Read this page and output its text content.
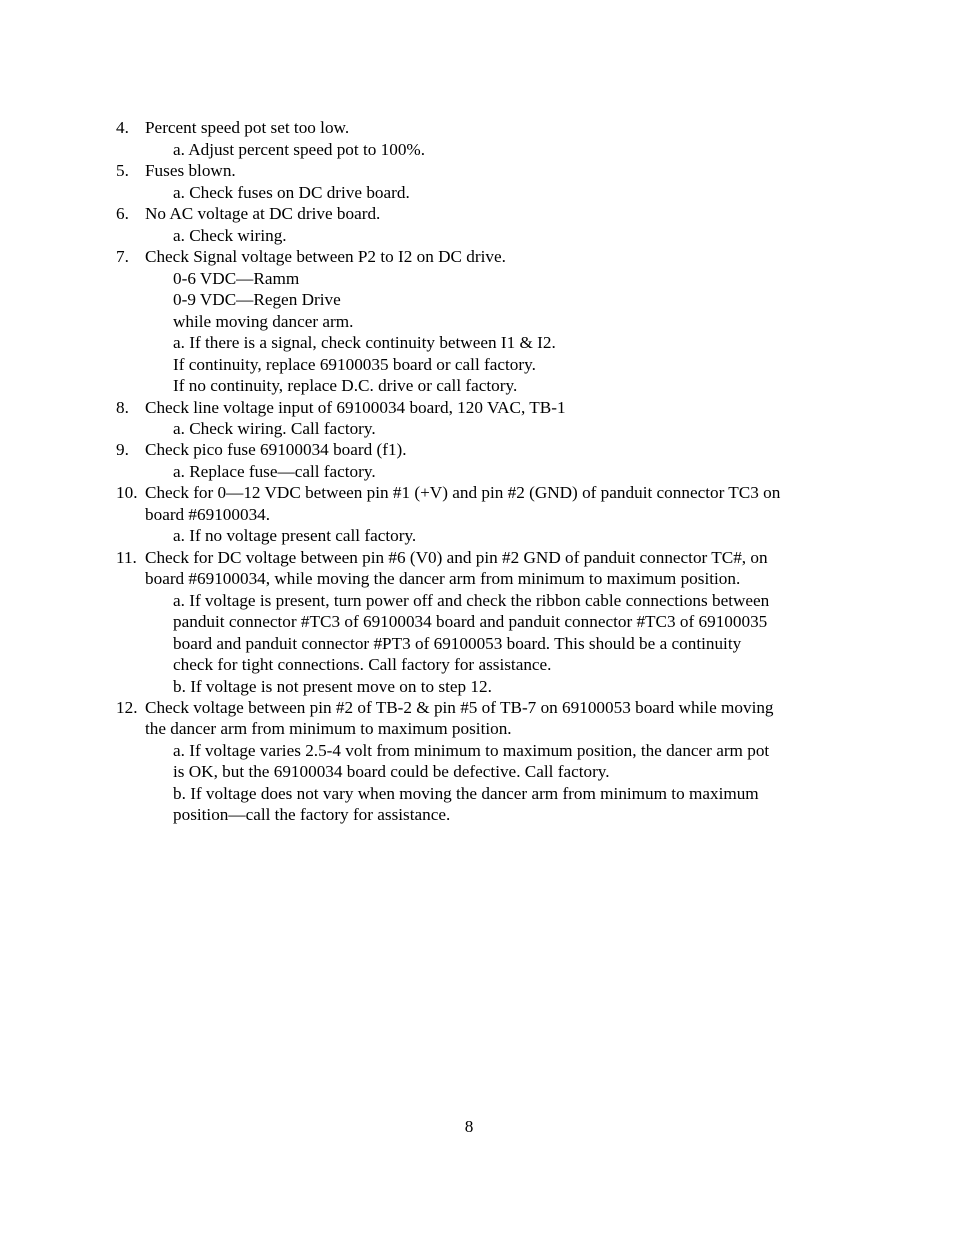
4. Percent speed pot set too low.
a. Adjust percent speed pot to 100%.
5. Fuses blown.
a. Check fuses on DC drive board.
6. No AC voltage at DC drive board.
a. Check wiring.
7. Check Signal voltage between P2 to I2 on DC drive.
0-6 VDC—Ramm
0-9 VDC—Regen Drive
while moving dancer arm.
a. If there is a signal, check continuity between I1 & I2.
If continuity, replace 69100035 board or call factory.
If no continuity, replace D.C. drive or call factory.
8. Check line voltage input of 69100034 board, 120 VAC, TB-1
a. Check wiring. Call factory.
9. Check pico fuse 69100034 board (f1).
a. Replace fuse—call factory.
10. Check for 0—12 VDC between pin #1 (+V) and pin #2 (GND) of panduit connector TC3 on
board #69100034.
a. If no voltage present call factory.
11. Check for DC voltage between pin #6 (V0) and pin #2 GND of panduit connector TC#, on
board #69100034, while moving the dancer arm from minimum to maximum position.
a. If voltage is present, turn power off and check the ribbon cable connections between
panduit connector #TC3 of 69100034 board and panduit connector #TC3 of 69100035
board and panduit connector #PT3 of 69100053 board. This should be a continuity
check for tight connections. Call factory for assistance.
b. If voltage is not present move on to step 12.
12. Check voltage between pin #2 of TB-2 & pin #5 of TB-7 on 69100053 board while moving
the dancer arm from minimum to maximum position.
a. If voltage varies 2.5-4 volt from minimum to maximum position, the dancer arm pot
is OK, but the 69100034 board could be defective. Call factory.
b. If voltage does not vary when moving the dancer arm from minimum to maximum
position—call the factory for assistance.
8
